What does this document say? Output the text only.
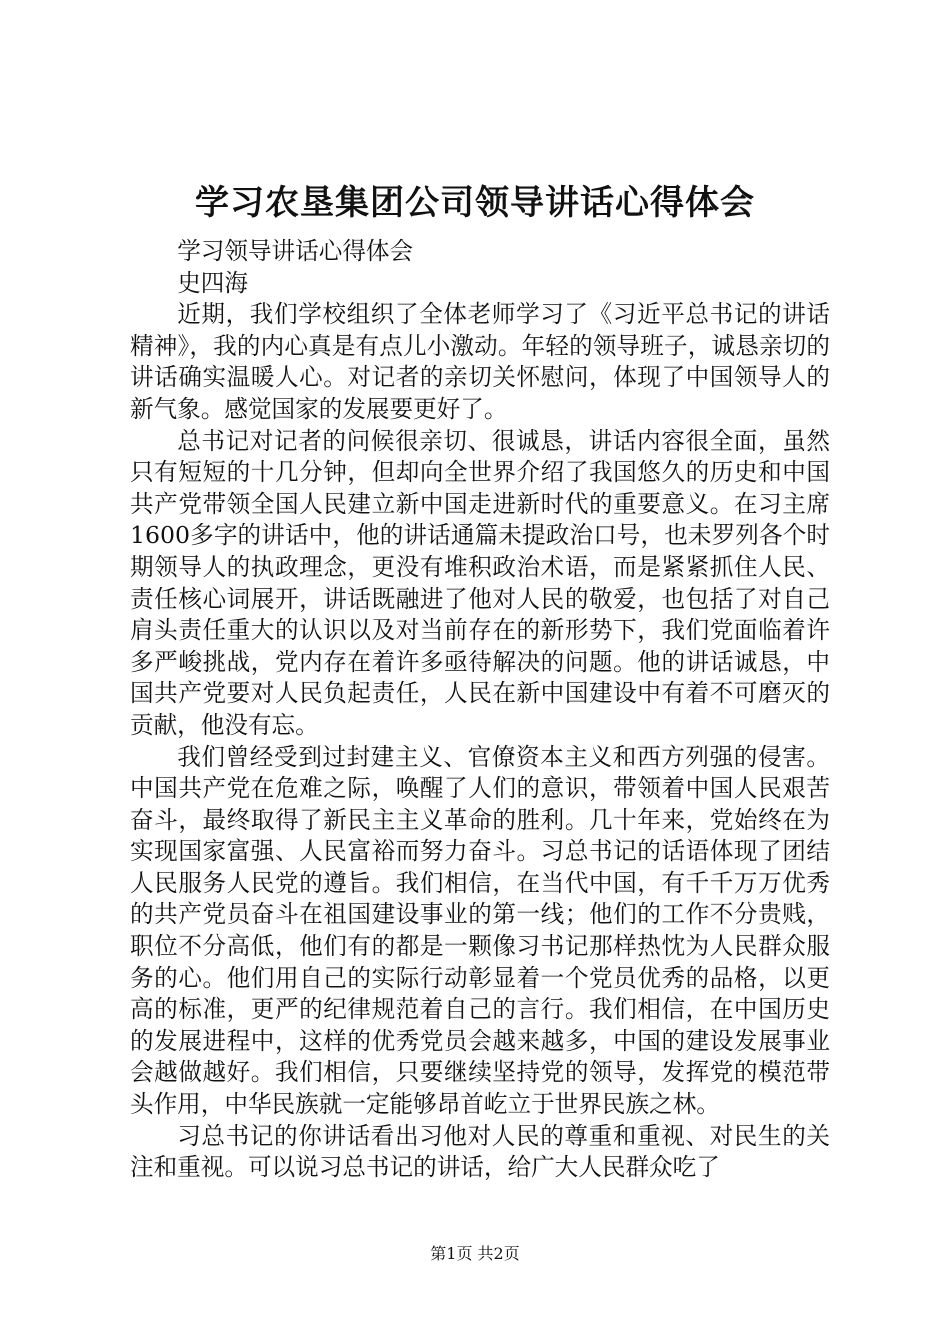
学习农垦集团公司领导讲话心得体会

学习领导讲话心得体会

史四海

近期，我们学校组织了全体老师学习了《习近平总书记的讲话精神》，我的内心真是有点儿小激动。年轻的领导班子，诚恳亲切的讲话确实温暖人心。对记者的亲切关怀慰问，体现了中国领导人的新气象。感觉国家的发展要更好了。

总书记对记者的问候很亲切、很诚恳，讲话内容很全面，虽然只有短短的十几分钟，但却向全世界介绍了我国悠久的历史和中国共产党带领全国人民建立新中国走进新时代的重要意义。在习主席1600多字的讲话中，他的讲话通篇未提政治口号，也未罗列各个时期领导人的执政理念，更没有堆积政治术语，而是紧紧抓住人民、责任核心词展开，讲话既融进了他对人民的敬爱，也包括了对自己肩头责任重大的认识以及对当前存在的新形势下，我们党面临着许多严峻挑战，党内存在着许多亟待解决的问题。他的讲话诚恳，中国共产党要对人民负起责任，人民在新中国建设中有着不可磨灭的贡献，他没有忘。

我们曾经受到过封建主义、官僚资本主义和西方列强的侵害。中国共产党在危难之际，唤醒了人们的意识，带领着中国人民艰苦奋斗，最终取得了新民主主义革命的胜利。几十年来，党始终在为实现国家富强、人民富裕而努力奋斗。习总书记的话语体现了团结人民服务人民党的遵旨。我们相信，在当代中国，有千千万万优秀的共产党员奋斗在祖国建设事业的第一线；他们的工作不分贵贱，职位不分高低，他们有的都是一颗像习书记那样热忱为人民群众服务的心。他们用自己的实际行动彰显着一个党员优秀的品格，以更高的标准，更严的纪律规范着自己的言行。我们相信，在中国历史的发展进程中，这样的优秀党员会越来越多，中国的建设发展事业会越做越好。我们相信，只要继续坚持党的领导，发挥党的模范带头作用，中华民族就一定能够昂首屹立于世界民族之林。

习总书记的你讲话看出习他对人民的尊重和重视、对民生的关注和重视。可以说习总书记的讲话，给广大人民群众吃了

第1页 共2页
